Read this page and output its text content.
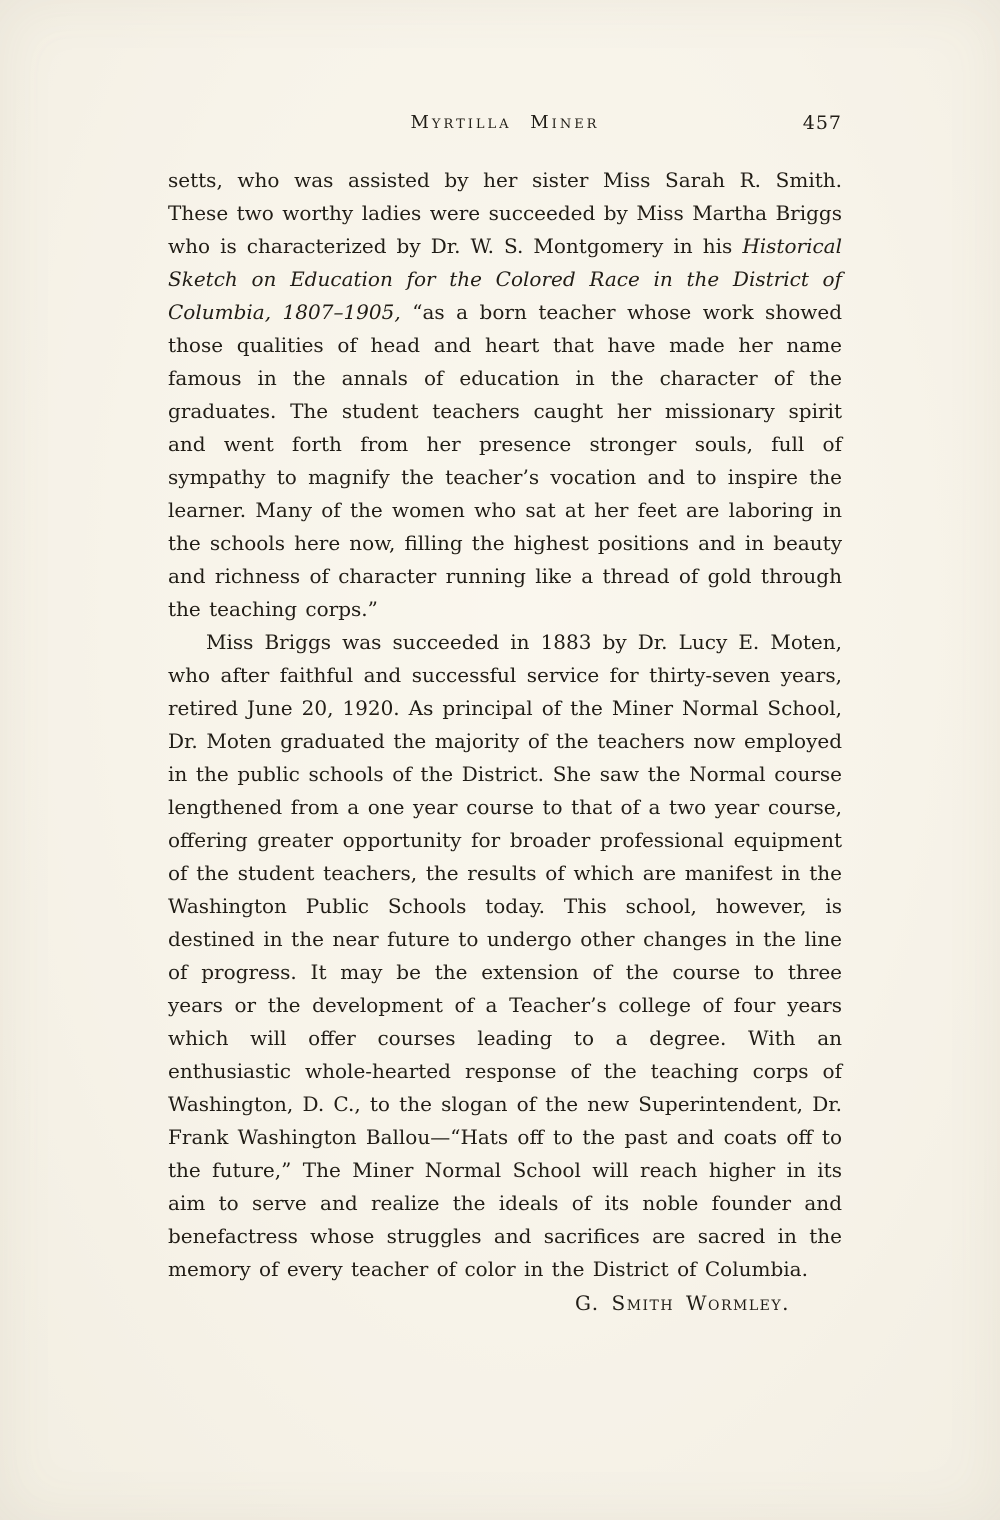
Myrtilla Miner	457

setts, who was assisted by her sister Miss Sarah R. Smith. These two worthy ladies were succeeded by Miss Martha Briggs who is characterized by Dr. W. S. Montgomery in his Historical Sketch on Education for the Colored Race in the District of Columbia, 1807–1905, “as a born teacher whose work showed those qualities of head and heart that have made her name famous in the annals of education in the character of the graduates. The student teachers caught her missionary spirit and went forth from her presence stronger souls, full of sympathy to magnify the teacher’s vocation and to inspire the learner. Many of the women who sat at her feet are laboring in the schools here now, filling the highest positions and in beauty and richness of character running like a thread of gold through the teaching corps.”

Miss Briggs was succeeded in 1883 by Dr. Lucy E. Moten, who after faithful and successful service for thirty-seven years, retired June 20, 1920. As principal of the Miner Normal School, Dr. Moten graduated the majority of the teachers now employed in the public schools of the District. She saw the Normal course lengthened from a one year course to that of a two year course, offering greater opportunity for broader professional equipment of the student teachers, the results of which are manifest in the Washington Public Schools today. This school, however, is destined in the near future to undergo other changes in the line of progress. It may be the extension of the course to three years or the development of a Teacher’s college of four years which will offer courses leading to a degree. With an enthusiastic whole-hearted response of the teaching corps of Washington, D. C., to the slogan of the new Superintendent, Dr. Frank Washington Ballou—“Hats off to the past and coats off to the future,” The Miner Normal School will reach higher in its aim to serve and realize the ideals of its noble founder and benefactress whose struggles and sacrifices are sacred in the memory of every teacher of color in the District of Columbia.

G. Smith Wormley.
